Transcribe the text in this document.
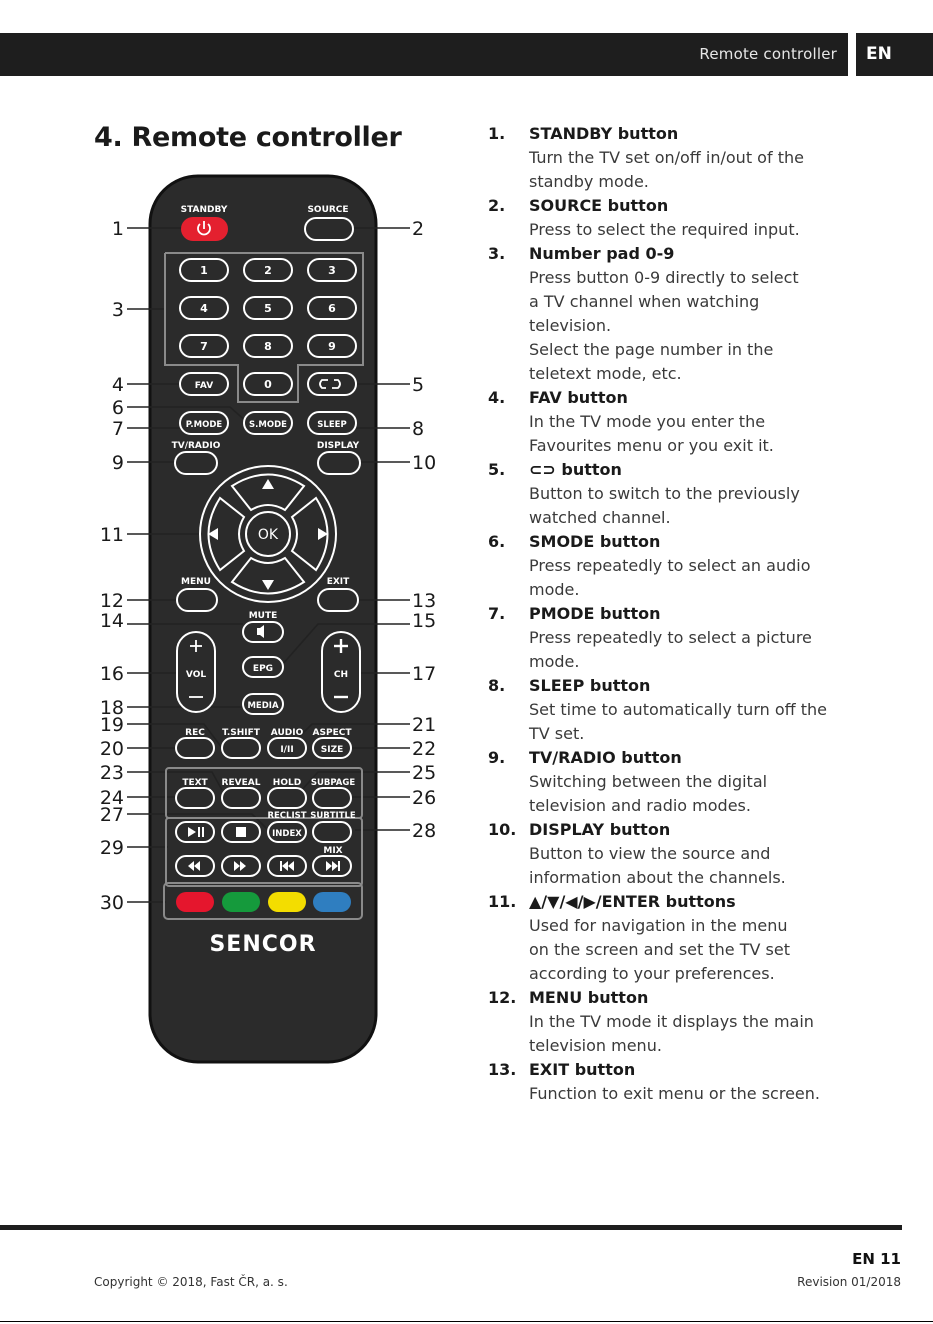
Remote controller EN
4. Remote controller
STANDBY	SOURCE
1	2	3
4	5	6
7	8	9
FAV	0
P.MODE	S.MODE	SLEEP
TV/RADIO	DISPLAY
OK
MENU	EXIT
MUTE
EPG
VOL	CH
MEDIA
REC T.SHIFT AUDIO ASPECT
I/II	SIZE
TEXT REVEAL HOLD SUBPAGE
RECLIST SUBTITLE
INDEX
MIX
SENCOR
1
3
4
6
7
9
11
12
14
16
18
19
20
23
24
27
29
30
2
5
8
10
13
15
17
21
22
25
26
28
1. STANDBY button
Turn the TV set on/off in/out of the
standby mode.
2. SOURCE button
Press to select the required input.
3. Number pad 0-9
Press button 0-9 directly to select
a TV channel when watching
television.
Select the page number in the
teletext mode, etc.
4. FAV button
In the TV mode you enter the
Favourites menu or you exit it.
5. ⊂⊃ button
Button to switch to the previously
watched channel.
6. SMODE button
Press repeatedly to select an audio
mode.
7. PMODE button
Press repeatedly to select a picture
mode.
8. SLEEP button
Set time to automatically turn off the
TV set.
9. TV/RADIO button
Switching between the digital
television and radio modes.
10. DISPLAY button
Button to view the source and
information about the channels.
11. ▲/▼/◀/▶/ENTER buttons
Used for navigation in the menu
on the screen and set the TV set
according to your preferences.
12. MENU button
In the TV mode it displays the main
television menu.
13. EXIT button
Function to exit menu or the screen.
EN 11
Revision 01/2018
Copyright © 2018, Fast ČR, a. s.
